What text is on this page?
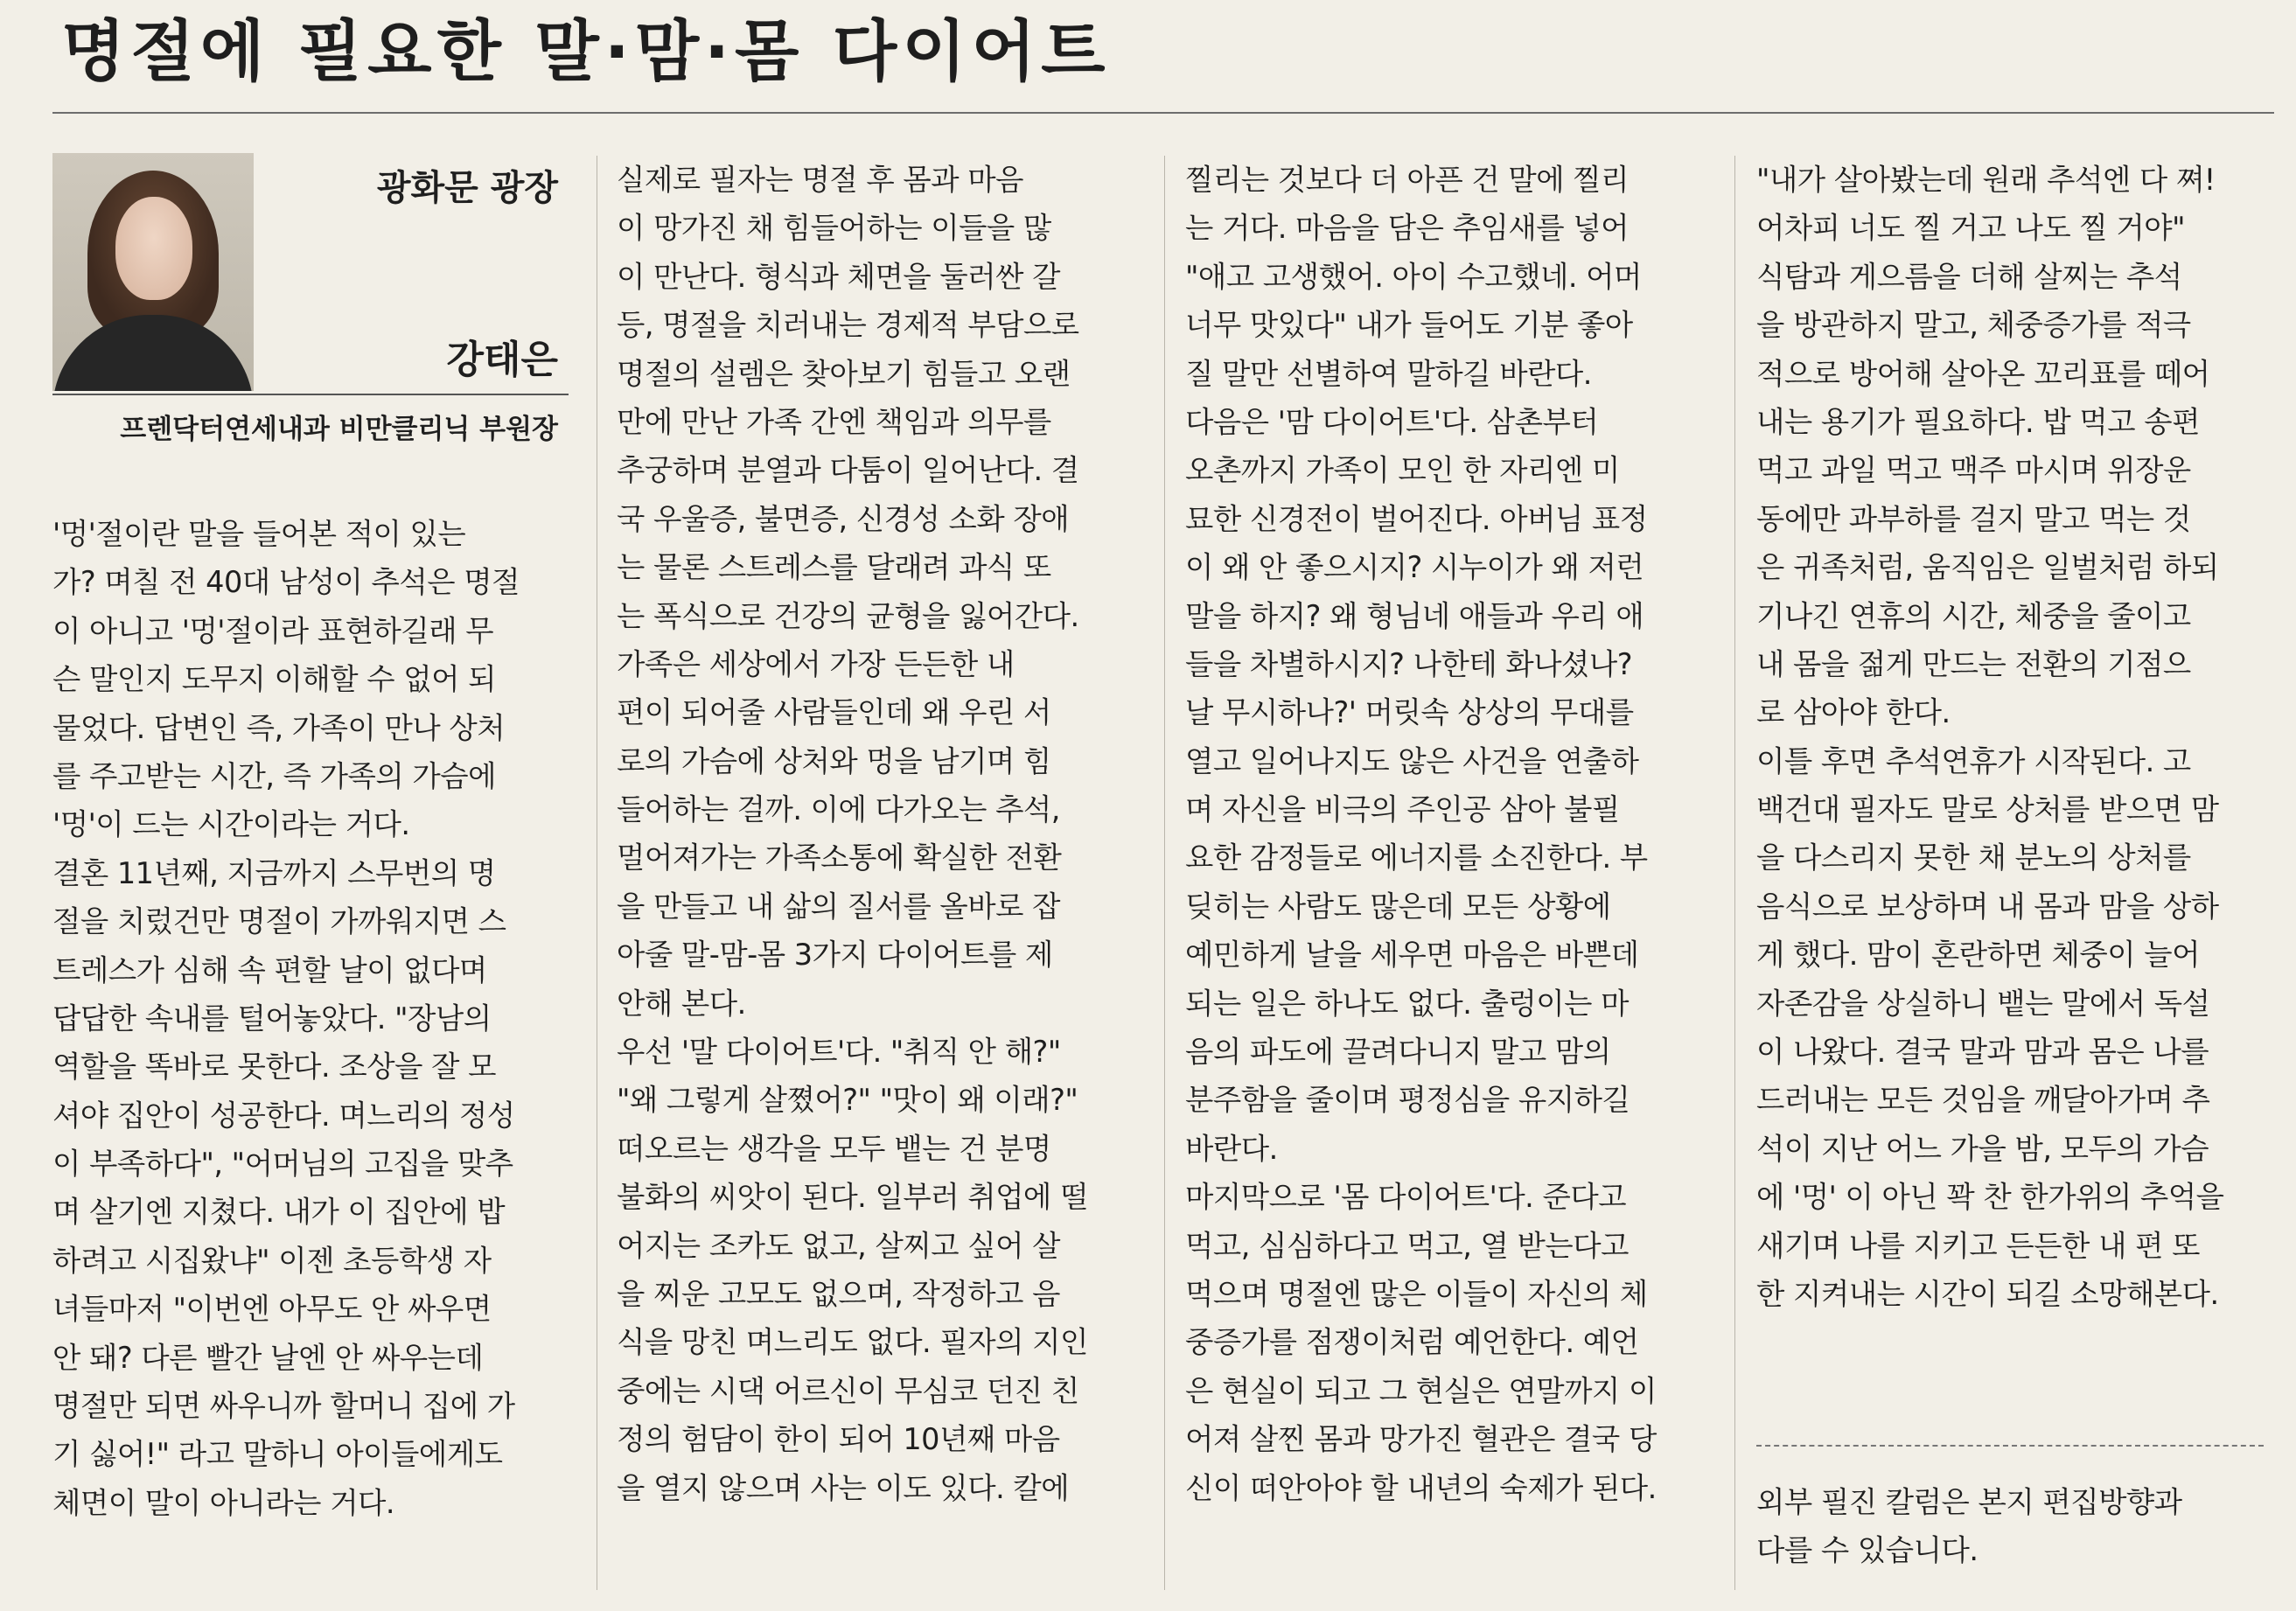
명절에 필요한 말·맘·몸 다이어트
광화문 광장
강태은
프렌닥터연세내과 비만클리닉 부원장
'멍'절이란 말을 들어본 적이 있는
가? 며칠 전 40대 남성이 추석은 명절
이 아니고 '멍'절이라 표현하길래 무
슨 말인지 도무지 이해할 수 없어 되
물었다. 답변인 즉, 가족이 만나 상처
를 주고받는 시간, 즉 가족의 가슴에
'멍'이 드는 시간이라는 거다.
결혼 11년째, 지금까지 스무번의 명
절을 치렀건만 명절이 가까워지면 스
트레스가 심해 속 편할 날이 없다며
답답한 속내를 털어놓았다. "장남의
역할을 똑바로 못한다. 조상을 잘 모
셔야 집안이 성공한다. 며느리의 정성
이 부족하다", "어머님의 고집을 맞추
며 살기엔 지쳤다. 내가 이 집안에 밥
하려고 시집왔냐" 이젠 초등학생 자
녀들마저 "이번엔 아무도 안 싸우면
안 돼? 다른 빨간 날엔 안 싸우는데
명절만 되면 싸우니까 할머니 집에 가
기 싫어!" 라고 말하니 아이들에게도
체면이 말이 아니라는 거다.
실제로 필자는 명절 후 몸과 마음
이 망가진 채 힘들어하는 이들을 많
이 만난다. 형식과 체면을 둘러싼 갈
등, 명절을 치러내는 경제적 부담으로
명절의 설렘은 찾아보기 힘들고 오랜
만에 만난 가족 간엔 책임과 의무를
추궁하며 분열과 다툼이 일어난다. 결
국 우울증, 불면증, 신경성 소화 장애
는 물론 스트레스를 달래려 과식 또
는 폭식으로 건강의 균형을 잃어간다.
가족은 세상에서 가장 든든한 내
편이 되어줄 사람들인데 왜 우린 서
로의 가슴에 상처와 멍을 남기며 힘
들어하는 걸까. 이에 다가오는 추석,
멀어져가는 가족소통에 확실한 전환
을 만들고 내 삶의 질서를 올바로 잡
아줄 말-맘-몸 3가지 다이어트를 제
안해 본다.
우선 '말 다이어트'다. "취직 안 해?"
"왜 그렇게 살쪘어?" "맛이 왜 이래?"
떠오르는 생각을 모두 뱉는 건 분명
불화의 씨앗이 된다. 일부러 취업에 떨
어지는 조카도 없고, 살찌고 싶어 살
을 찌운 고모도 없으며, 작정하고 음
식을 망친 며느리도 없다. 필자의 지인
중에는 시댁 어르신이 무심코 던진 친
정의 험담이 한이 되어 10년째 마음
을 열지 않으며 사는 이도 있다. 칼에
찔리는 것보다 더 아픈 건 말에 찔리
는 거다. 마음을 담은 추임새를 넣어
"애고 고생했어. 아이 수고했네. 어머
너무 맛있다" 내가 들어도 기분 좋아
질 말만 선별하여 말하길 바란다.
다음은 '맘 다이어트'다. 삼촌부터
오촌까지 가족이 모인 한 자리엔 미
묘한 신경전이 벌어진다. 아버님 표정
이 왜 안 좋으시지? 시누이가 왜 저런
말을 하지? 왜 형님네 애들과 우리 애
들을 차별하시지? 나한테 화나셨나?
날 무시하나?' 머릿속 상상의 무대를
열고 일어나지도 않은 사건을 연출하
며 자신을 비극의 주인공 삼아 불필
요한 감정들로 에너지를 소진한다. 부
딪히는 사람도 많은데 모든 상황에
예민하게 날을 세우면 마음은 바쁜데
되는 일은 하나도 없다. 출렁이는 마
음의 파도에 끌려다니지 말고 맘의
분주함을 줄이며 평정심을 유지하길
바란다.
마지막으로 '몸 다이어트'다. 준다고
먹고, 심심하다고 먹고, 열 받는다고
먹으며 명절엔 많은 이들이 자신의 체
중증가를 점쟁이처럼 예언한다. 예언
은 현실이 되고 그 현실은 연말까지 이
어져 살찐 몸과 망가진 혈관은 결국 당
신이 떠안아야 할 내년의 숙제가 된다.
"내가 살아봤는데 원래 추석엔 다 쪄!
어차피 너도 찔 거고 나도 찔 거야"
식탐과 게으름을 더해 살찌는 추석
을 방관하지 말고, 체중증가를 적극
적으로 방어해 살아온 꼬리표를 떼어
내는 용기가 필요하다. 밥 먹고 송편
먹고 과일 먹고 맥주 마시며 위장운
동에만 과부하를 걸지 말고 먹는 것
은 귀족처럼, 움직임은 일벌처럼 하되
기나긴 연휴의 시간, 체중을 줄이고
내 몸을 젊게 만드는 전환의 기점으
로 삼아야 한다.
이틀 후면 추석연휴가 시작된다. 고
백건대 필자도 말로 상처를 받으면 맘
을 다스리지 못한 채 분노의 상처를
음식으로 보상하며 내 몸과 맘을 상하
게 했다. 맘이 혼란하면 체중이 늘어
자존감을 상실하니 뱉는 말에서 독설
이 나왔다. 결국 말과 맘과 몸은 나를
드러내는 모든 것임을 깨달아가며 추
석이 지난 어느 가을 밤, 모두의 가슴
에 '멍' 이 아닌 꽉 찬 한가위의 추억을
새기며 나를 지키고 든든한 내 편 또
한 지켜내는 시간이 되길 소망해본다.
외부 필진 칼럼은 본지 편집방향과
다를 수 있습니다.
